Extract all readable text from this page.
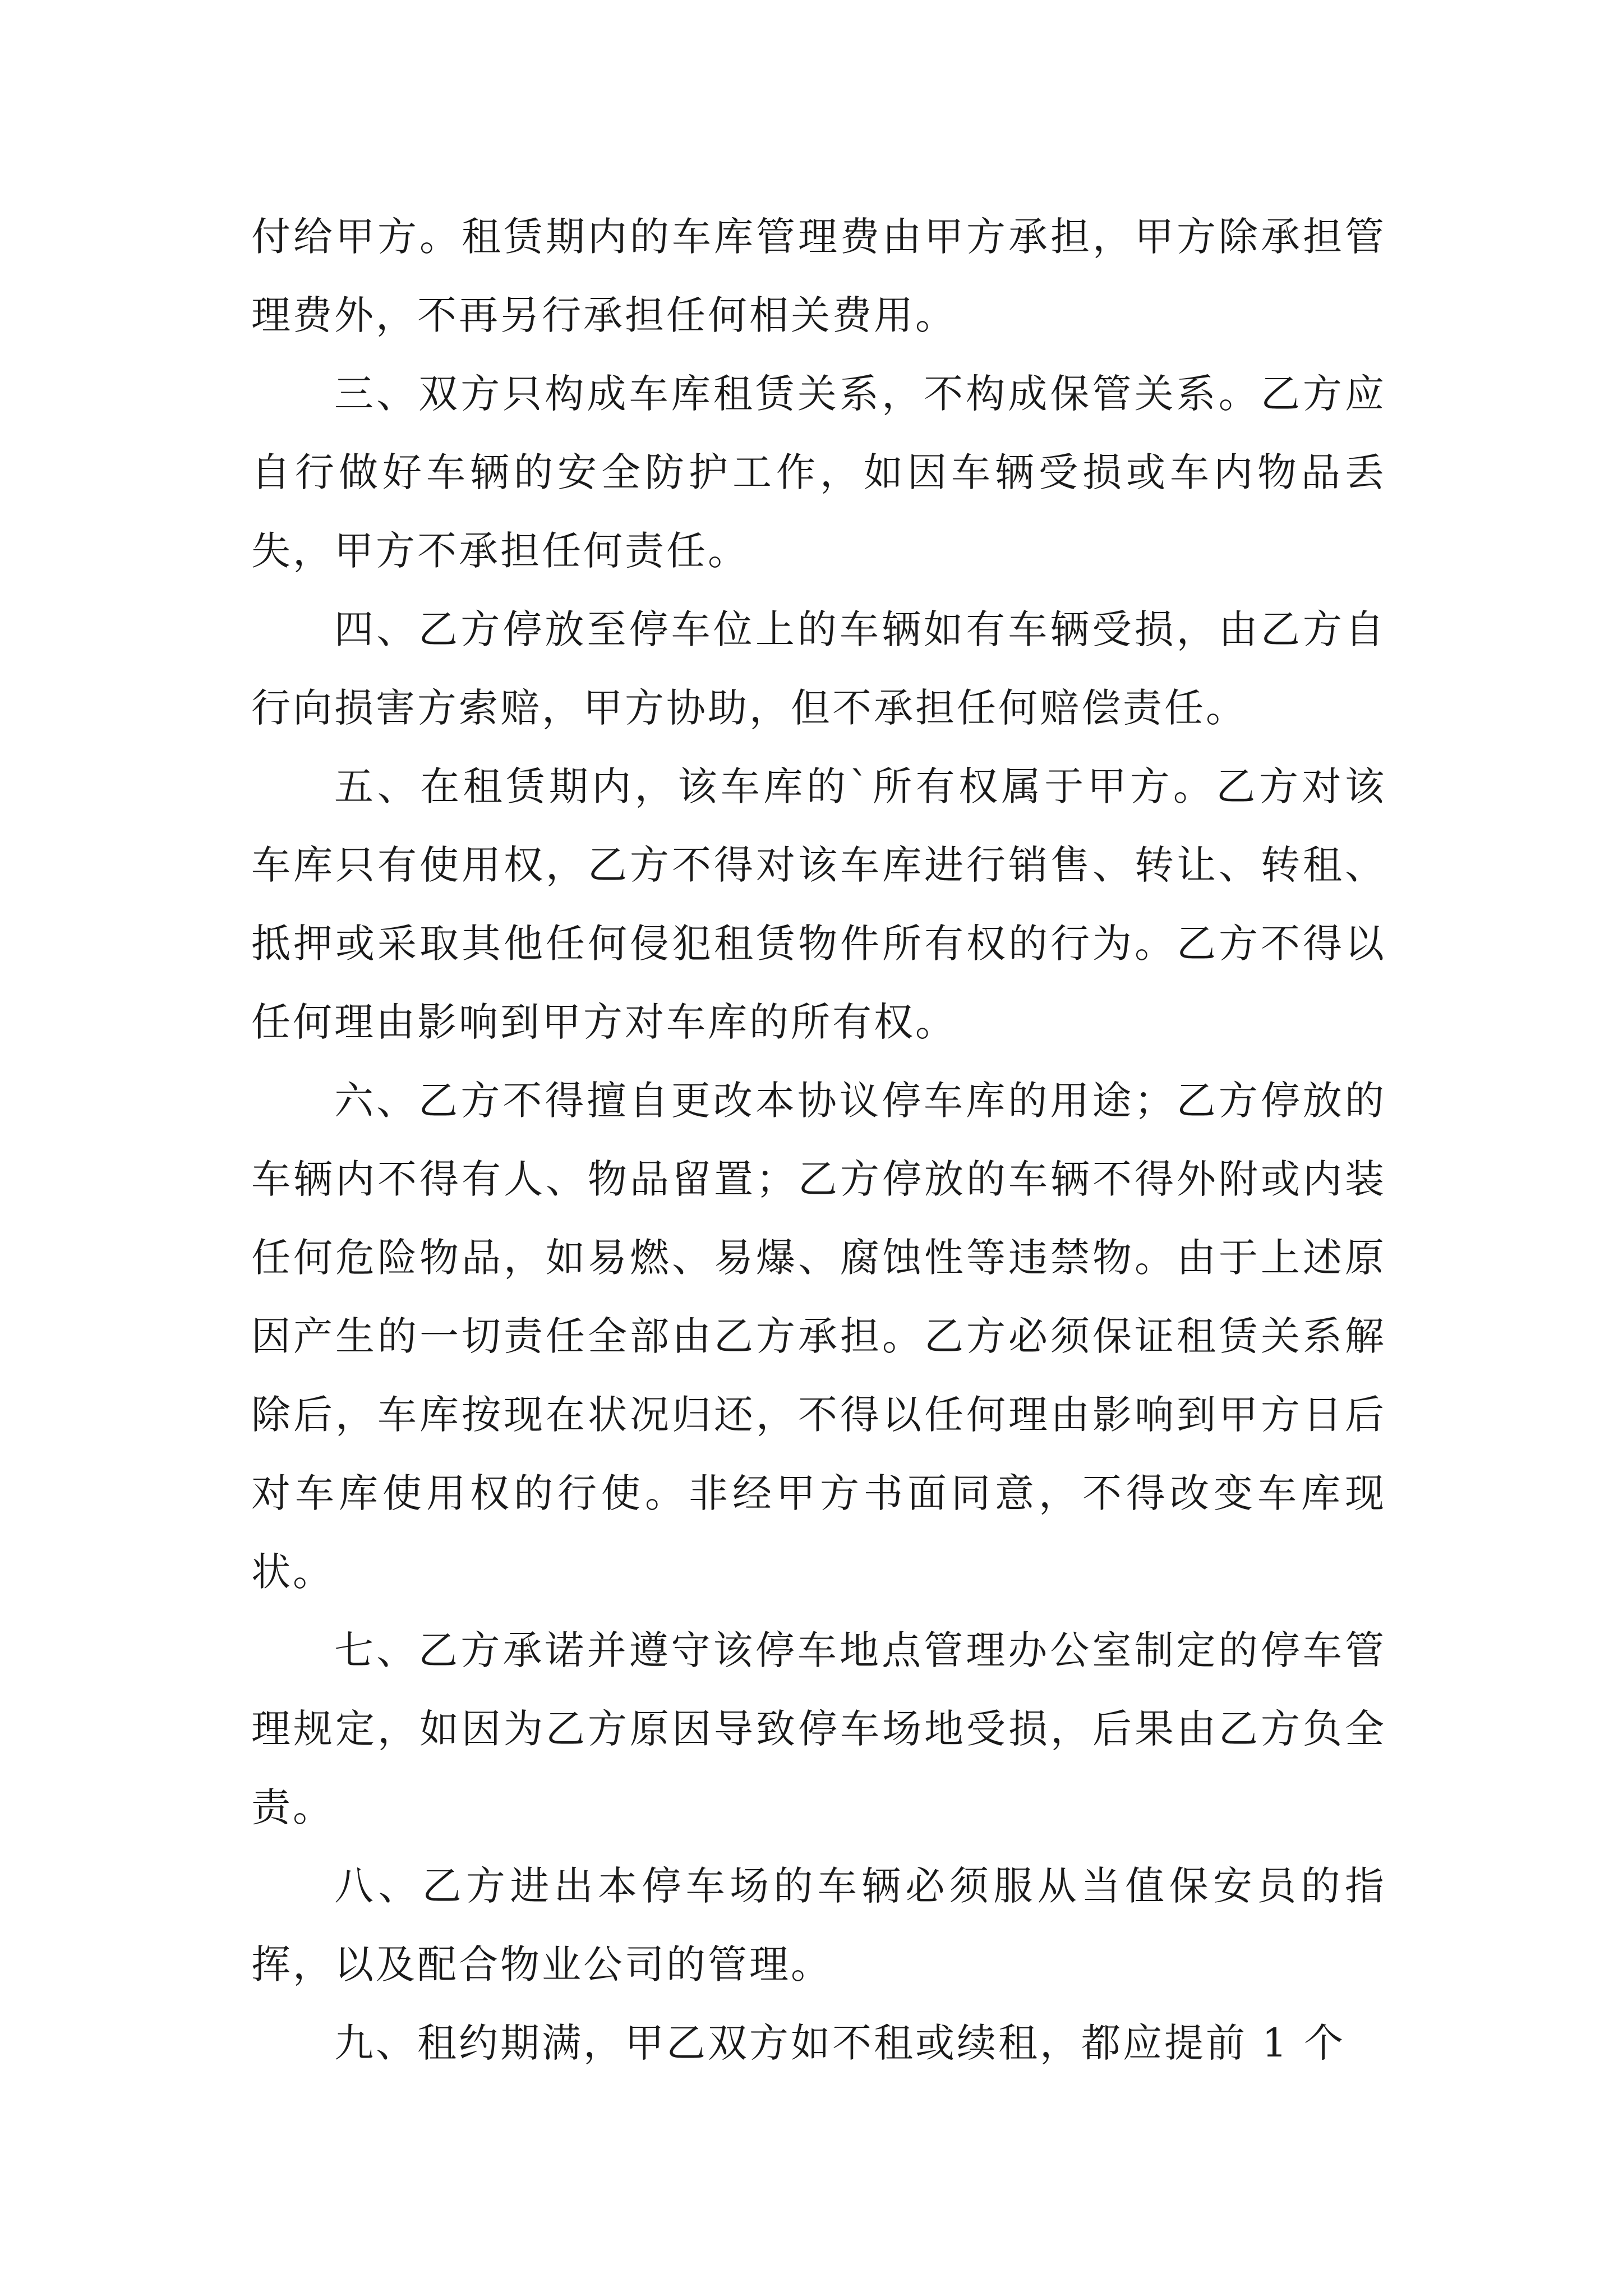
付给甲方。租赁期内的车库管理费由甲方承担，甲方除承担管理费外，不再另行承担任何相关费用。

三、双方只构成车库租赁关系，不构成保管关系。乙方应自行做好车辆的安全防护工作，如因车辆受损或车内物品丢失，甲方不承担任何责任。

四、乙方停放至停车位上的车辆如有车辆受损，由乙方自行向损害方索赔，甲方协助，但不承担任何赔偿责任。

五、在租赁期内，该车库的`所有权属于甲方。乙方对该车库只有使用权，乙方不得对该车库进行销售、转让、转租、抵押或采取其他任何侵犯租赁物件所有权的行为。乙方不得以任何理由影响到甲方对车库的所有权。

六、乙方不得擅自更改本协议停车库的用途；乙方停放的车辆内不得有人、物品留置；乙方停放的车辆不得外附或内装任何危险物品，如易燃、易爆、腐蚀性等违禁物。由于上述原因产生的一切责任全部由乙方承担。乙方必须保证租赁关系解除后，车库按现在状况归还，不得以任何理由影响到甲方日后对车库使用权的行使。非经甲方书面同意，不得改变车库现状。

七、乙方承诺并遵守该停车地点管理办公室制定的停车管理规定，如因为乙方原因导致停车场地受损，后果由乙方负全责。

八、乙方进出本停车场的车辆必须服从当值保安员的指挥，以及配合物业公司的管理。

九、租约期满，甲乙双方如不租或续租，都应提前 1 个
